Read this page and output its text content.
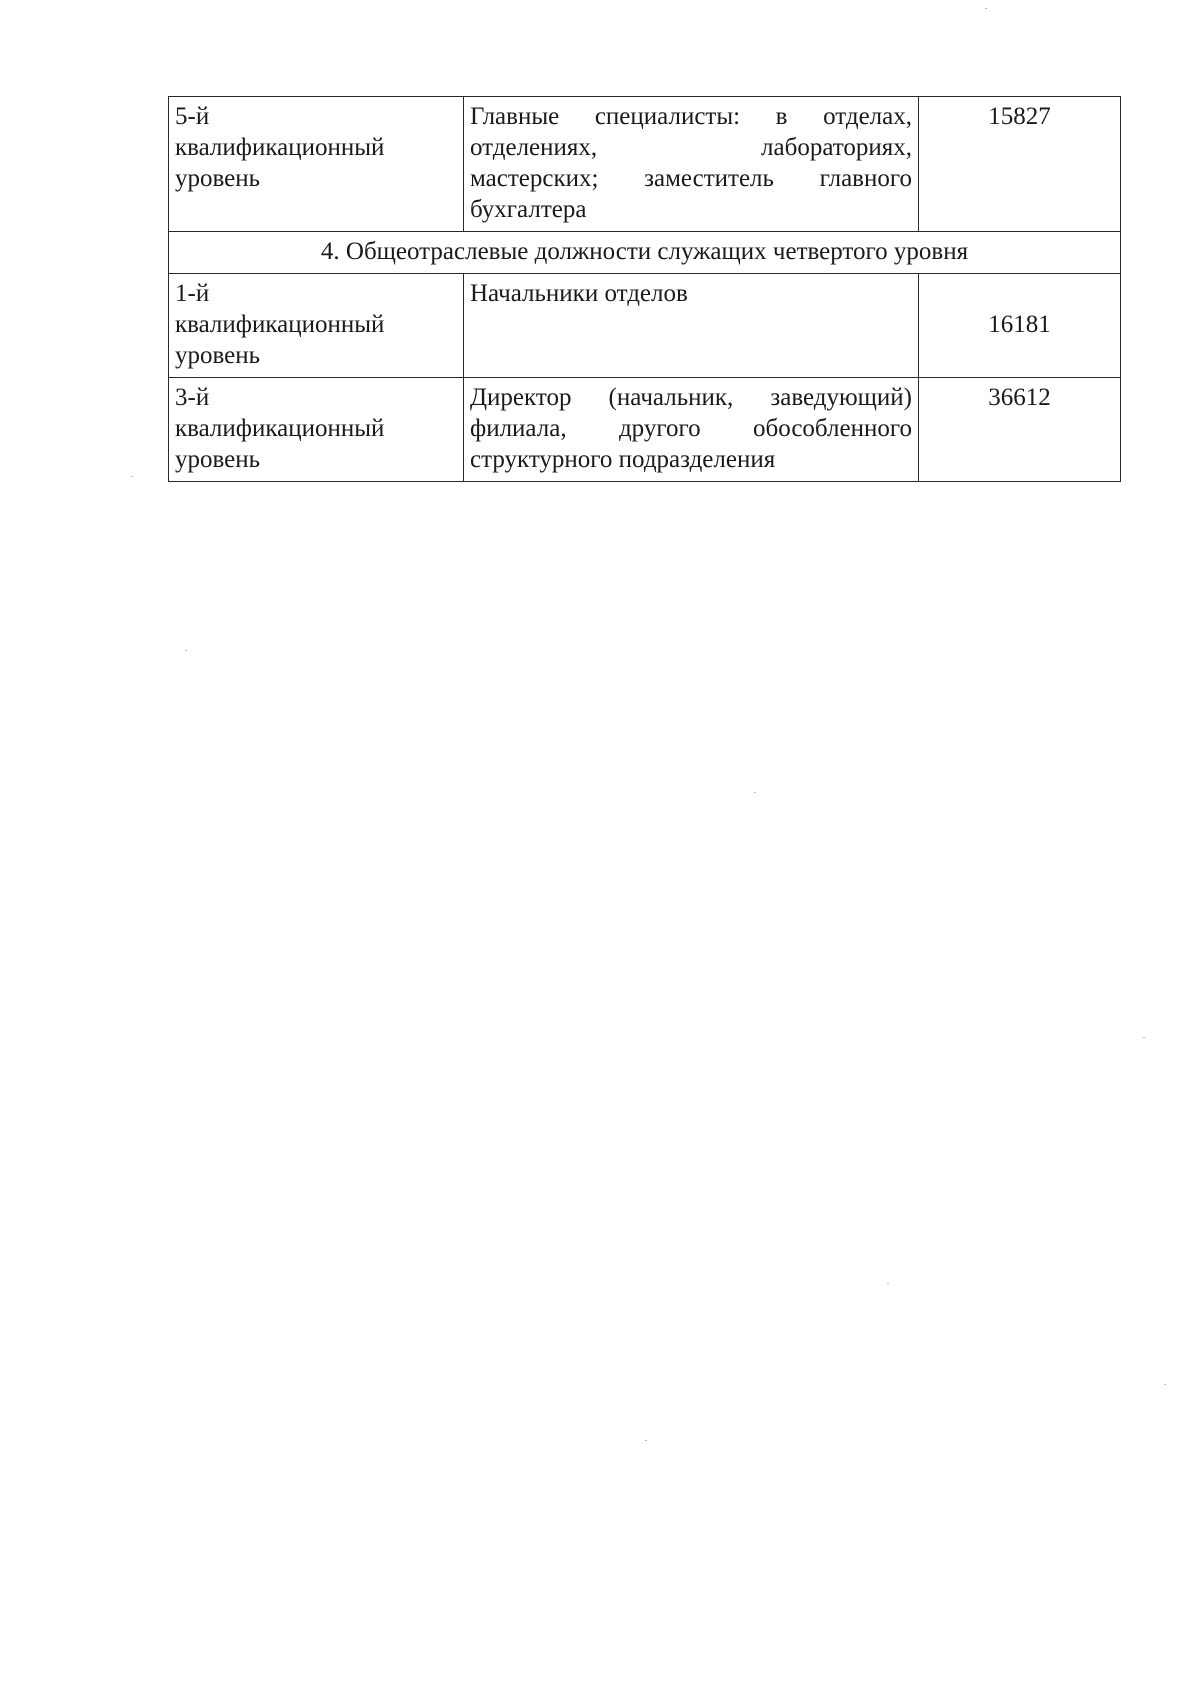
5-й
квалификационный
уровень	Главные специалисты: в отделах,
отделениях, лабораториях,
мастерских; заместитель главного
бухгалтера	15827
4. Общеотраслевые должности служащих четвертого уровня		

1-й
квалификационный
уровень	Начальники отделов	16181

3-й
квалификационный
уровень	Директор (начальник, заведующий)
филиала, другого обособленного
структурного подразделения	36612
